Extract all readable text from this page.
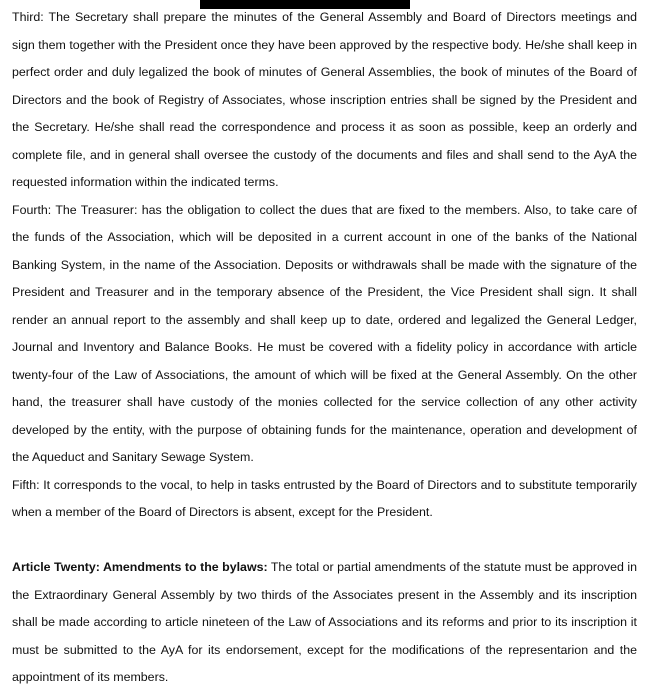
Third: The Secretary shall prepare the minutes of the General Assembly and Board of Directors meetings and sign them together with the President once they have been approved by the respective body. He/she shall keep in perfect order and duly legalized the book of minutes of General Assemblies, the book of minutes of the Board of Directors and the book of Registry of Associates, whose inscription entries shall be signed by the President and the Secretary. He/she shall read the correspondence and process it as soon as possible, keep an orderly and complete file, and in general shall oversee the custody of the documents and files and shall send to the AyA the requested information within the indicated terms.

Fourth: The Treasurer: has the obligation to collect the dues that are fixed to the members. Also, to take care of the funds of the Association, which will be deposited in a current account in one of the banks of the National Banking System, in the name of the Association. Deposits or withdrawals shall be made with the signature of the President and Treasurer and in the temporary absence of the President, the Vice President shall sign. It shall render an annual report to the assembly and shall keep up to date, ordered and legalized the General Ledger, Journal and Inventory and Balance Books. He must be covered with a fidelity policy in accordance with article twenty-four of the Law of Associations, the amount of which will be fixed at the General Assembly. On the other hand, the treasurer shall have custody of the monies collected for the service collection of any other activity developed by the entity, with the purpose of obtaining funds for the maintenance, operation and development of the Aqueduct and Sanitary Sewage System.

Fifth: It corresponds to the vocal, to help in tasks entrusted by the Board of Directors and to substitute temporarily when a member of the Board of Directors is absent, except for the President.

Article Twenty: Amendments to the bylaws: The total or partial amendments of the statute must be approved in the Extraordinary General Assembly by two thirds of the Associates present in the Assembly and its inscription shall be made according to article nineteen of the Law of Associations and its reforms and prior to its inscription it must be submitted to the AyA for its endorsement, except for the modifications of the representarion and the appointment of its members.
